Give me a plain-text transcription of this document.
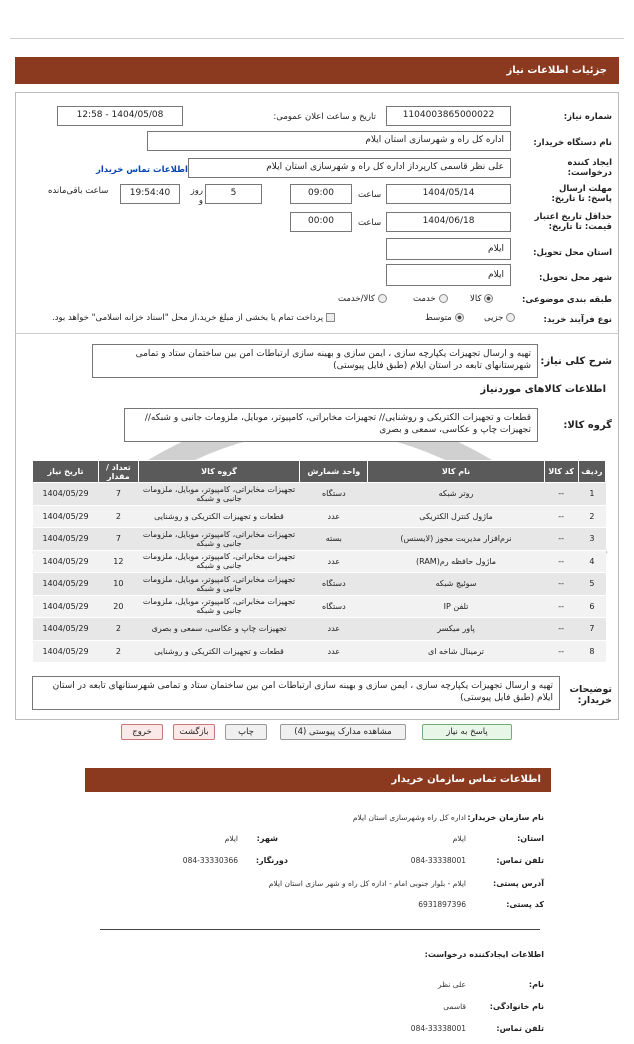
جزئیات اطلاعات نیاز
شماره نیاز:
1104003865000022
تاریخ و ساعت اعلان عمومی:
1404/05/08 - 12:58
نام دستگاه خریدار:
اداره کل راه و شهرسازی استان ایلام
ایجاد کننده درخواست:
علی نظر قاسمی کارپرداز اداره کل راه و شهرسازی استان ایلام
اطلاعات تماس خریدار
مهلت ارسال پاسخ: تا تاریخ:
1404/05/14
ساعت
09:00
5
روز و
19:54:40
ساعت باقی‌مانده
حداقل تاریخ اعتبار قیمت: تا تاریخ:
1404/06/18
ساعت
00:00
استان محل تحویل:
ایلام
شهر محل تحویل:
ایلام
طبقه بندی موضوعی:
کالا
خدمت
کالا/خدمت
نوع فرآیند خرید:
جزیی
متوسط
پرداخت تمام یا بخشی از مبلغ خرید،از محل "اسناد خزانه اسلامی" خواهد بود.
شرح کلی نیاز:
تهیه و ارسال تجهیزات یکپارچه سازی ، ایمن سازی و بهینه سازی ارتباطات امن بین ساختمان ستاد و تمامی شهرستانهای تابعه در استان ایلام (طبق فایل پیوستی)
اطلاعات کالاهای موردنیاز
گروه کالا:
قطعات و تجهیزات الکتریکی و روشنایی// تجهیزات مخابراتی، کامپیوتر، موبایل، ملزومات جانبی و شبکه// تجهیزات چاپ و عکاسی، سمعی و بصری
ردیف	کد کالا	نام کالا	واحد شمارش	گروه کالا	تعداد / مقدار	تاریخ نیاز
1	--	روتر شبکه	دستگاه	تجهیزات مخابراتی، کامپیوتر، موبایل، ملزومات جانبی و شبکه	7	1404/05/29
2	--	ماژول کنترل الکتریکی	عدد	قطعات و تجهیزات الکتریکی و روشنایی	2	1404/05/29
3	--	نرم‌افزار مدیریت مجوز (لایسنس)	بسته	تجهیزات مخابراتی، کامپیوتر، موبایل، ملزومات جانبی و شبکه	7	1404/05/29
4	--	ماژول حافظه رم(RAM)	عدد	تجهیزات مخابراتی، کامپیوتر، موبایل، ملزومات جانبی و شبکه	12	1404/05/29
5	--	سوئیچ شبکه	دستگاه	تجهیزات مخابراتی، کامپیوتر، موبایل، ملزومات جانبی و شبکه	10	1404/05/29
6	--	تلفن IP	دستگاه	تجهیزات مخابراتی، کامپیوتر، موبایل، ملزومات جانبی و شبکه	20	1404/05/29
7	--	پاور میکسر	عدد	تجهیزات چاپ و عکاسی، سمعی و بصری	2	1404/05/29
8	--	ترمینال شاخه ای	عدد	قطعات و تجهیزات الکتریکی و روشنایی	2	1404/05/29
توضیحات خریدار:
تهیه و ارسال تجهیزات یکپارچه سازی ، ایمن سازی و بهینه سازی ارتباطات امن بین ساختمان ستاد و تمامی شهرستانهای تابعه در استان ایلام (طبق فایل پیوستی)
پاسخ به نیاز
مشاهده مدارک پیوستی (4)
چاپ
بازگشت
خروج
اطلاعات تماس سازمان خریدار
نام سازمان خریدار:
اداره کل راه وشهرسازی استان ایلام
استان:
ایلام
شهر:
ایلام
تلفن تماس:
084-33338001
دورنگار:
084-33330366
آدرس پستی:
ایلام - بلوار جنوبی امام - اداره کل راه و شهر سازی استان ایلام
کد پستی:
6931897396
اطلاعات ایجادکننده درخواست:
نام:
علی نظر
نام خانوادگی:
قاسمی
تلفن تماس:
084-33338001
